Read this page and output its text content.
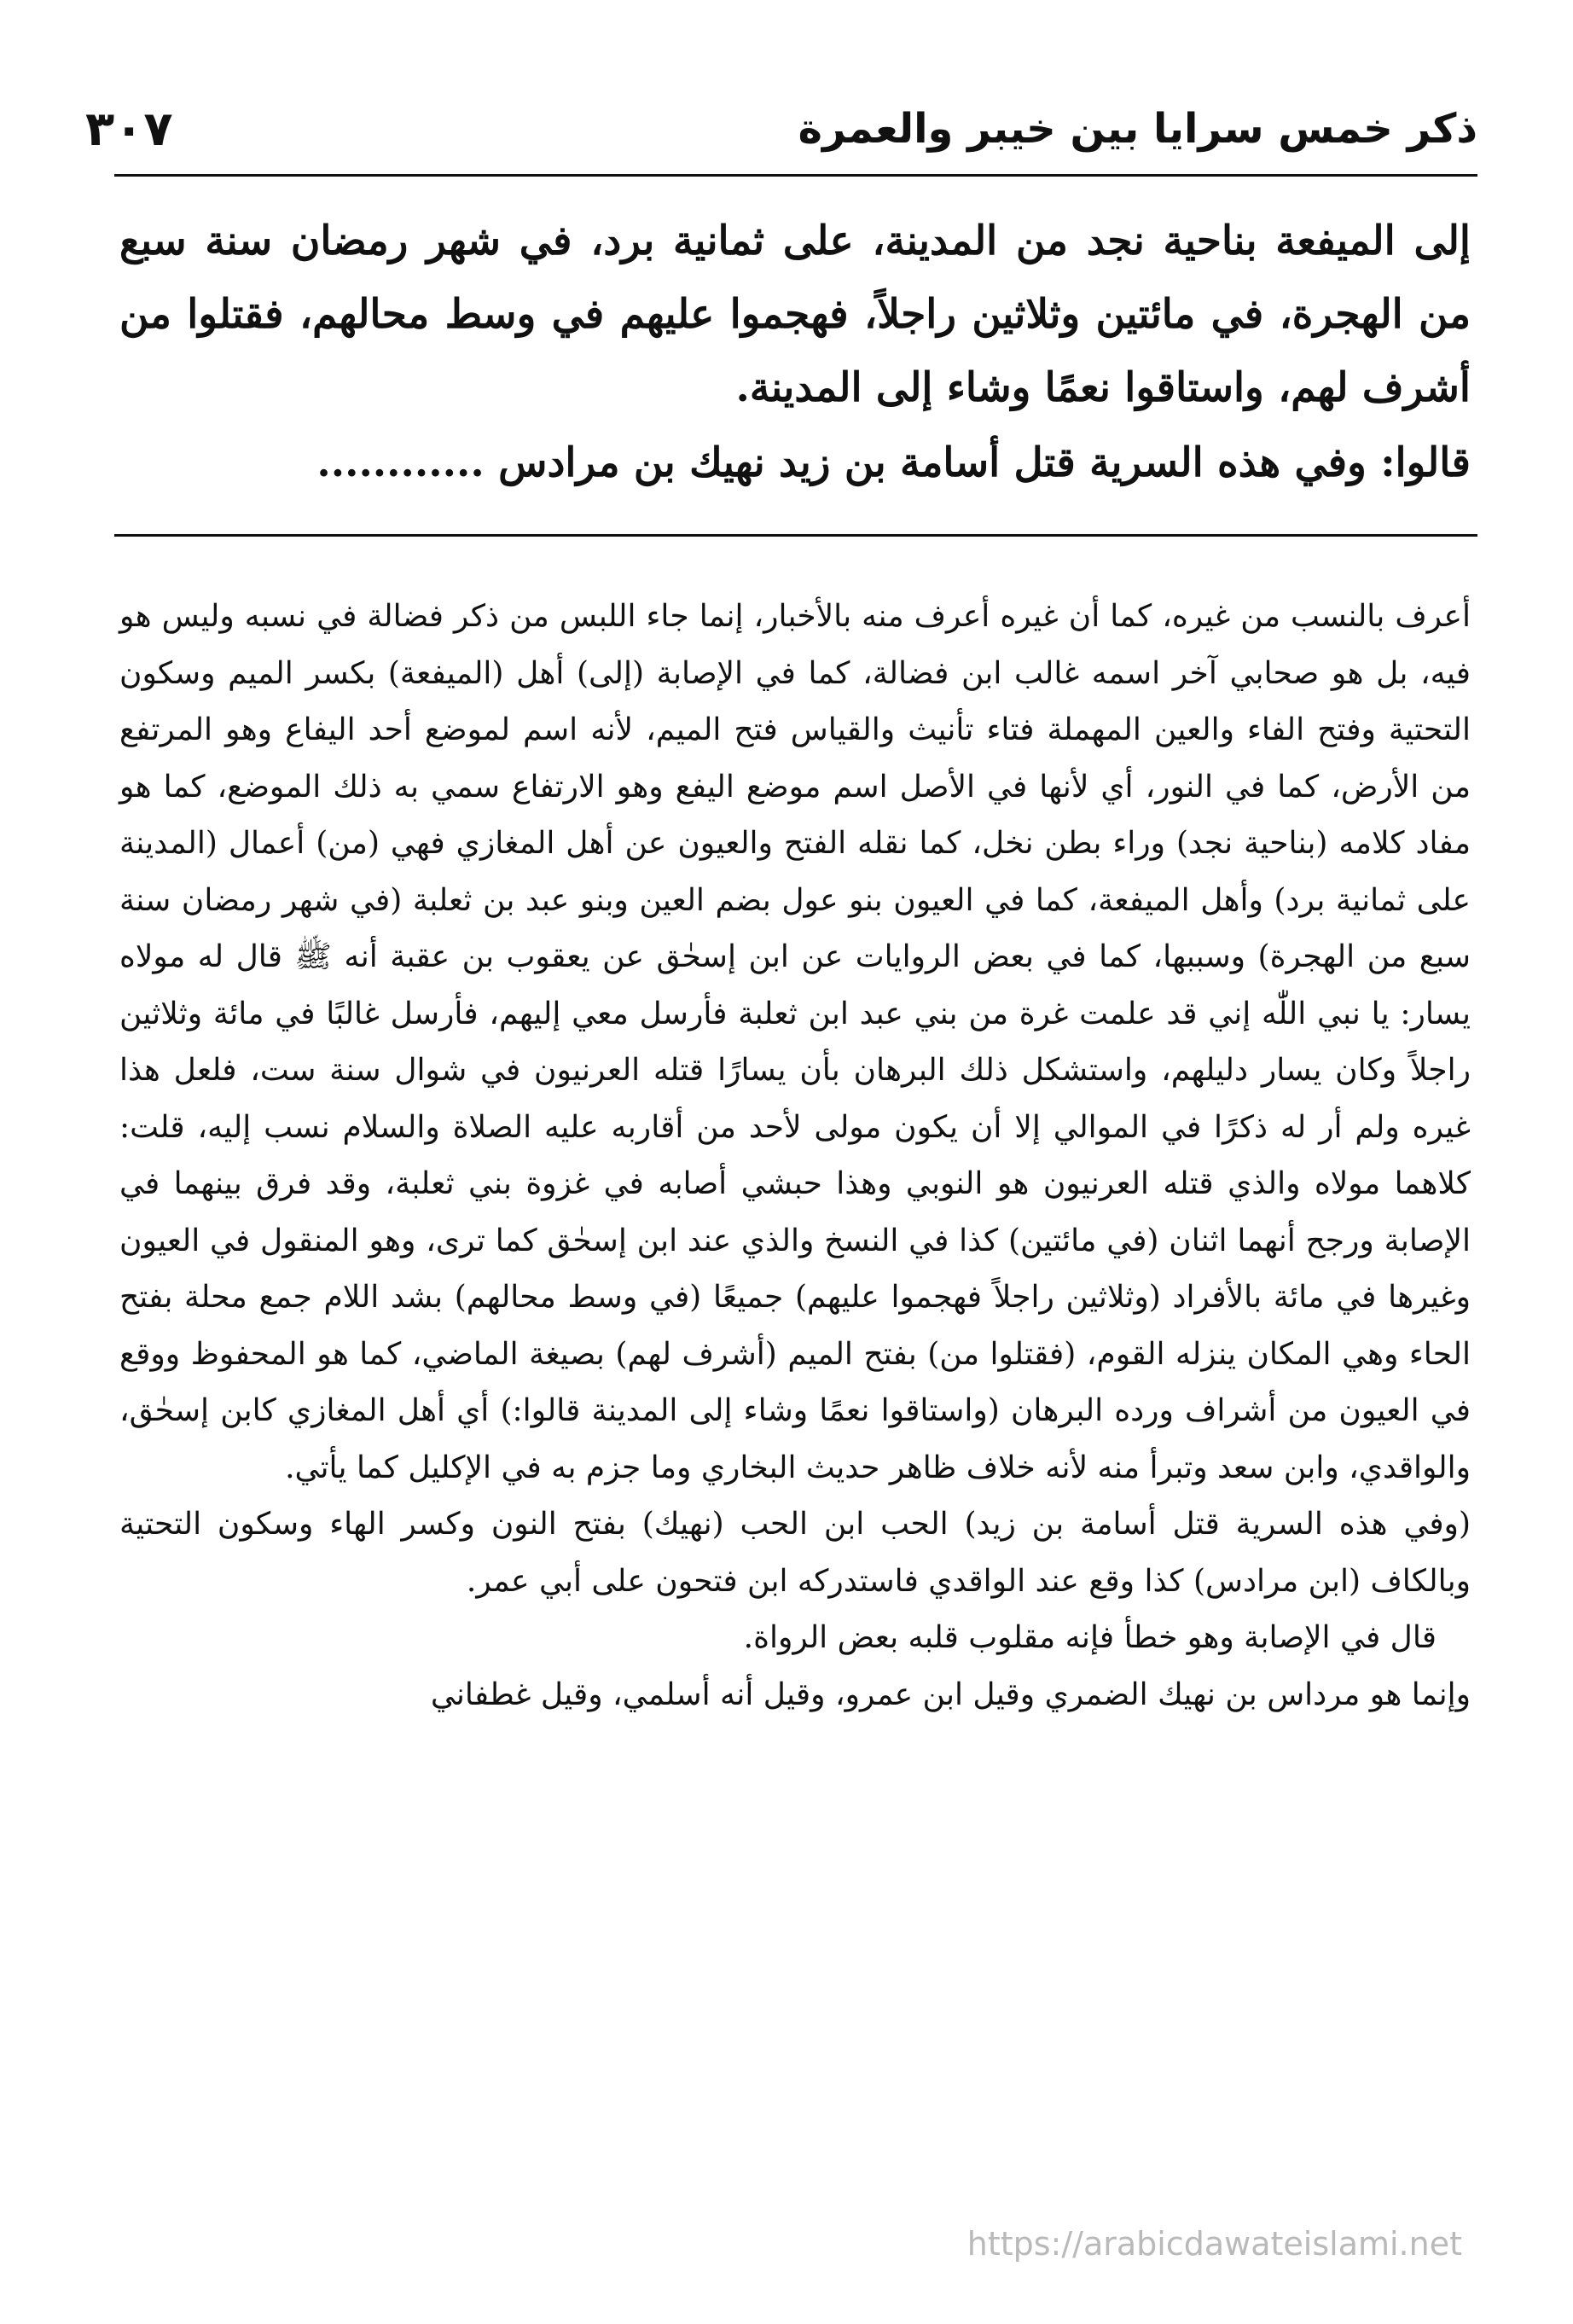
ذكر خمس سرايا بين خيبر والعمرة
٣٠٧

إلى الميفعة بناحية نجد من المدينة، على ثمانية برد، في شهر رمضان سنة سبع من الهجرة، في مائتين وثلاثين راجلاً، فهجموا عليهم في وسط محالهم، فقتلوا من أشرف لهم، واستاقوا نعمًا وشاء إلى المدينة.

قالوا: وفي هذه السرية قتل أسامة بن زيد نهيك بن مرادس ............

أعرف بالنسب من غيره، كما أن غيره أعرف منه بالأخبار، إنما جاء اللبس من ذكر فضالة في نسبه وليس هو فيه، بل هو صحابي آخر اسمه غالب ابن فضالة، كما في الإصابة (إلى) أهل (الميفعة) بكسر الميم وسكون التحتية وفتح الفاء والعين المهملة فتاء تأنيث والقياس فتح الميم، لأنه اسم لموضع أحد اليفاع وهو المرتفع من الأرض، كما في النور، أي لأنها في الأصل اسم موضع اليفع وهو الارتفاع سمي به ذلك الموضع، كما هو مفاد كلامه (بناحية نجد) وراء بطن نخل، كما نقله الفتح والعيون عن أهل المغازي فهي (من) أعمال (المدينة على ثمانية برد) وأهل الميفعة، كما في العيون بنو عول بضم العين وبنو عبد بن ثعلبة (في شهر رمضان سنة سبع من الهجرة) وسببها، كما في بعض الروايات عن ابن إسحٰق عن يعقوب بن عقبة أنه ﷺ قال له مولاه يسار: يا نبي اللّٰه إني قد علمت غرة من بني عبد ابن ثعلبة فأرسل معي إليهم، فأرسل غالبًا في مائة وثلاثين راجلاً وكان يسار دليلهم، واستشكل ذلك البرهان بأن يسارًا قتله العرنيون في شوال سنة ست، فلعل هذا غيره ولم أر له ذكرًا في الموالي إلا أن يكون مولى لأحد من أقاربه عليه الصلاة والسلام نسب إليه، قلت: كلاهما مولاه والذي قتله العرنيون هو النوبي وهذا حبشي أصابه في غزوة بني ثعلبة، وقد فرق بينهما في الإصابة ورجح أنهما اثنان (في مائتين) كذا في النسخ والذي عند ابن إسحٰق كما ترى، وهو المنقول في العيون وغيرها في مائة بالأفراد (وثلاثين راجلاً فهجموا عليهم) جميعًا (في وسط محالهم) بشد اللام جمع محلة بفتح الحاء وهي المكان ينزله القوم، (فقتلوا من) بفتح الميم (أشرف لهم) بصيغة الماضي، كما هو المحفوظ ووقع في العيون من أشراف ورده البرهان (واستاقوا نعمًا وشاء إلى المدينة قالوا:) أي أهل المغازي كابن إسحٰق، والواقدي، وابن سعد وتبرأ منه لأنه خلاف ظاهر حديث البخاري وما جزم به في الإكليل كما يأتي.

(وفي هذه السرية قتل أسامة بن زيد) الحب ابن الحب (نهيك) بفتح النون وكسر الهاء وسكون التحتية وبالكاف (ابن مرادس) كذا وقع عند الواقدي فاستدركه ابن فتحون على أبي عمر.

قال في الإصابة وهو خطأ فإنه مقلوب قلبه بعض الرواة.

وإنما هو مرداس بن نهيك الضمري وقيل ابن عمرو، وقيل أنه أسلمي، وقيل غطفاني

https://arabicdawateislami.net
